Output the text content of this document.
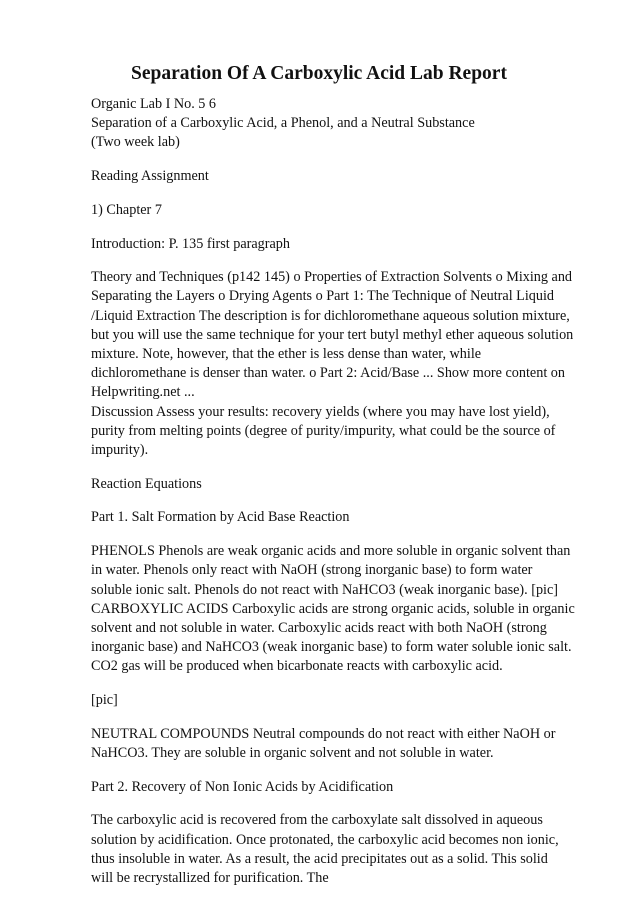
Separation Of A Carboxylic Acid Lab Report

Organic Lab I No. 5 6
Separation of a Carboxylic Acid, a Phenol, and a Neutral Substance
(Two week lab)

Reading Assignment

1) Chapter 7

Introduction: P. 135 first paragraph

Theory and Techniques (p142 145) o Properties of Extraction Solvents o Mixing and
Separating the Layers o Drying Agents o Part 1: The Technique of Neutral Liquid
/Liquid Extraction The description is for dichloromethane aqueous solution mixture,
but you will use the same technique for your tert butyl methyl ether aqueous solution
mixture. Note, however, that the ether is less dense than water, while
dichloromethane is denser than water. o Part 2: Acid/Base ... Show more content on
Helpwriting.net ...

Discussion Assess your results: recovery yields (where you may have lost yield),
purity from melting points (degree of purity/impurity, what could be the source of
impurity).

Reaction Equations

Part 1. Salt Formation by Acid Base Reaction

PHENOLS Phenols are weak organic acids and more soluble in organic solvent than
in water. Phenols only react with NaOH (strong inorganic base) to form water
soluble ionic salt. Phenols do not react with NaHCO3 (weak inorganic base). [pic]
CARBOXYLIC ACIDS Carboxylic acids are strong organic acids, soluble in organic
solvent and not soluble in water. Carboxylic acids react with both NaOH (strong
inorganic base) and NaHCO3 (weak inorganic base) to form water soluble ionic salt.
CO2 gas will be produced when bicarbonate reacts with carboxylic acid.

[pic]

NEUTRAL COMPOUNDS Neutral compounds do not react with either NaOH or
NaHCO3. They are soluble in organic solvent and not soluble in water.

Part 2. Recovery of Non Ionic Acids by Acidification

The carboxylic acid is recovered from the carboxylate salt dissolved in aqueous
solution by acidification. Once protonated, the carboxylic acid becomes non ionic,
thus insoluble in water. As a result, the acid precipitates out as a solid. This solid
will be recrystallized for purification. The
